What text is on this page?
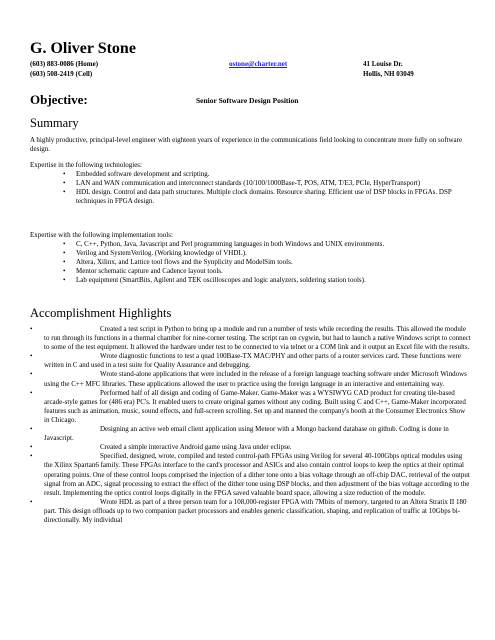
G. Oliver Stone
(603) 883-0086 (Home)
(603) 508-2419 (Cell)
ostone@charter.net	41 Louise Dr.
Hollis, NH 03049
Objective:	Senior Software Design Position
Summary
A highly productive, principal-level engineer with eighteen years of experience in the communications field looking to concentrate more fully on software design.
Expertise in the following technologies:
• Embedded software development and scripting.
• LAN and WAN communication and interconnect standards (10/100/1000Base-T, POS, ATM, T/E3, PCIe, HyperTransport)
• HDL design. Control and data path structures. Multiple clock domains. Resource sharing. Efficient use of DSP blocks in FPGAs. DSP techniques in FPGA design.
Expertise with the following implementation tools:
• C, C++, Python, Java, Javascript and Perl programming languages in both Windows and UNIX environments.
• Verilog and SystemVerilog. (Working knowledge of VHDL).
• Altera, Xilinx, and Lattice tool flows and the Synplicity and ModelSim tools.
• Mentor schematic capture and Cadence layout tools.
• Lab equipment (SmartBits, Agilent and TEK oscilloscopes and logic analyzers, soldering station tools).
Accomplishment Highlights
•	Created a test script in Python to bring up a module and run a number of tests while recording the results. This allowed the module to run through its functions in a thermal chamber for nine-corner testing. The script ran on cygwin, but had to launch a native Windows script to connect to some of the test equipment. It allowed the hardware under test to be connected to via telnet or a COM link and it output an Excel file with the results.
•	Wrote diagnostic functions to test a quad 100Base-TX MAC/PHY and other parts of a router services card. These functions were written in C and used in a test suite for Quality Assurance and debugging.
•	Wrote stand-alone applications that were included in the release of a foreign language teaching software under Microsoft Windows using the C++ MFC libraries. These applications allowed the user to practice using the foreign language in an interactive and entertaining way.
•	Performed half of all design and coding of Game-Maker. Game-Maker was a WYSIWYG CAD product for creating tile-based arcade-style games for (486 era) PC's. It enabled users to create original games without any coding. Built using C and C++, Game-Maker incorporated features such as animation, music, sound effects, and full-screen scrolling. Set up and manned the company's booth at the Consumer Electronics Show in Chicago.
•	Designing an active web email client application using Meteor with a Mongo backend database on github. Coding is done in Javascript.
•	Created a simple interactive Android game using Java under eclipse.
•	Specified, designed, wrote, compiled and tested control-path FPGAs using Verilog for several 40-100Gbps optical modules using the Xilinx Spartan6 family. These FPGAs interface to the card's processor and ASICs and also contain control loops to keep the optics at their optimal operating points. One of these control loops comprised the injection of a dither tone onto a bias voltage through an off-chip DAC, retrieval of the output signal from an ADC, signal processing to extract the effect of the dither tone using DSP blocks, and then adjustment of the bias voltage according to the result. Implementing the optics control loops digitally in the FPGA saved valuable board space, allowing a size reduction of the module.
•	Wrote HDL as part of a three person team for a 108,000-register FPGA with 7Mbits of memory, targeted to an Altera Stratix II 180 part. This design offloads up to two companion packet processors and enables generic classification, shaping, and replication of traffic at 10Gbps bi-directionally. My individual
